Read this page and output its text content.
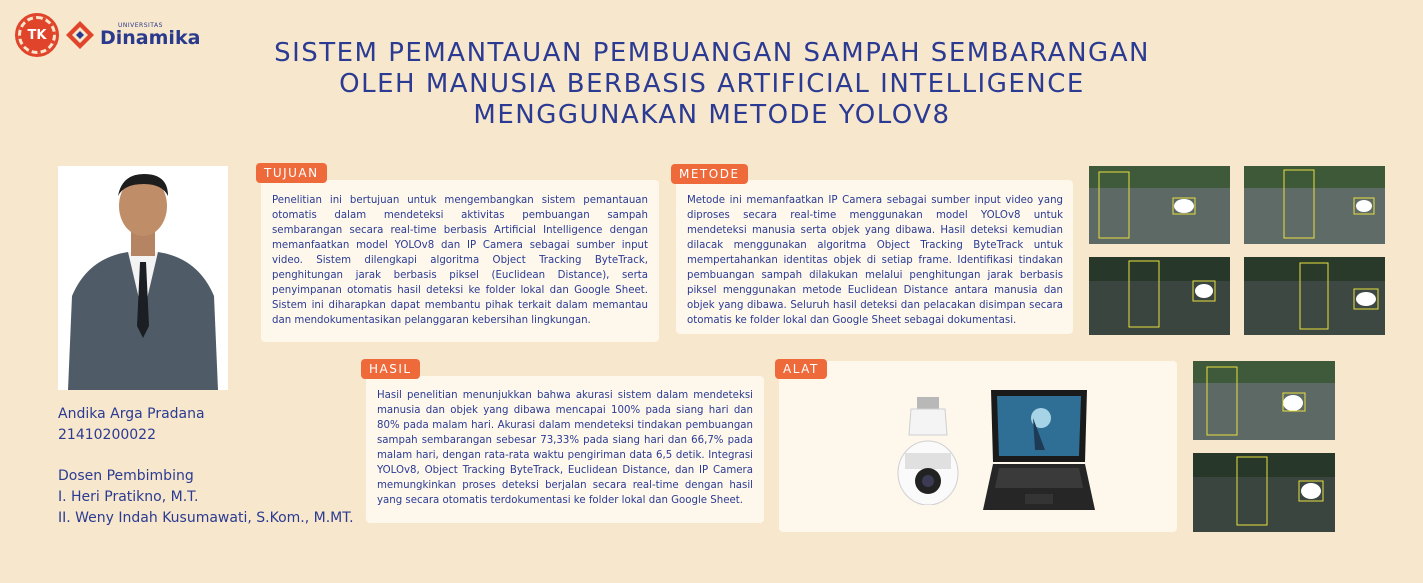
TK
UNIVERSITAS
Dinamika
SISTEM PEMANTAUAN PEMBUANGAN SAMPAH SEMBARANGAN
OLEH MANUSIA BERBASIS ARTIFICIAL INTELLIGENCE
MENGGUNAKAN METODE YOLOV8
Andika Arga Pradana
21410200022
Dosen Pembimbing
I. Heri Pratikno, M.T.
II. Weny Indah Kusumawati, S.Kom., M.MT.
Penelitian ini bertujuan untuk mengembangkan sistem pemantauan otomatis dalam mendeteksi aktivitas pembuangan sampah sembarangan secara real-time berbasis Artificial Intelligence dengan memanfaatkan model YOLOv8 dan IP Camera sebagai sumber input video. Sistem dilengkapi algoritma Object Tracking ByteTrack, penghitungan jarak berbasis piksel (Euclidean Distance), serta penyimpanan otomatis hasil deteksi ke folder lokal dan Google Sheet. Sistem ini diharapkan dapat membantu pihak terkait dalam memantau dan mendokumentasikan pelanggaran kebersihan lingkungan.
TUJUAN
Metode ini memanfaatkan IP Camera sebagai sumber input video yang diproses secara real-time menggunakan model YOLOv8 untuk mendeteksi manusia serta objek yang dibawa. Hasil deteksi kemudian dilacak menggunakan algoritma Object Tracking ByteTrack untuk mempertahankan identitas objek di setiap frame. Identifikasi tindakan pembuangan sampah dilakukan melalui penghitungan jarak berbasis piksel menggunakan metode Euclidean Distance antara manusia dan objek yang dibawa. Seluruh hasil deteksi dan pelacakan disimpan secara otomatis ke folder lokal dan Google Sheet sebagai dokumentasi.
METODE
Hasil penelitian menunjukkan bahwa akurasi sistem dalam mendeteksi manusia dan objek yang dibawa mencapai 100% pada siang hari dan 80% pada malam hari. Akurasi dalam mendeteksi tindakan pembuangan sampah sembarangan sebesar 73,33% pada siang hari dan 66,7% pada malam hari, dengan rata-rata waktu pengiriman data 6,5 detik. Integrasi YOLOv8, Object Tracking ByteTrack, Euclidean Distance, dan IP Camera memungkinkan proses deteksi berjalan secara real-time dengan hasil yang secara otomatis terdokumentasi ke folder lokal dan Google Sheet.
HASIL	ALAT
